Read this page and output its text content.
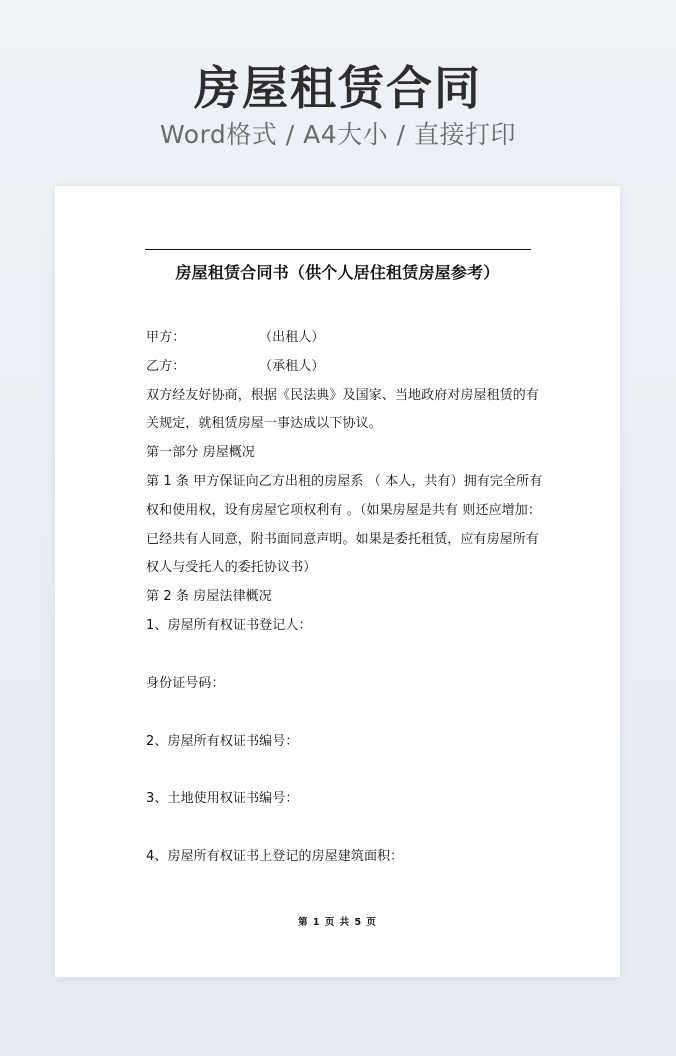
房屋租赁合同
Word格式 / A4大小 / 直接打印
房屋租赁合同书（供个人居住租赁房屋参考）
甲方：	（出租人）
乙方：	（承租人）
双方经友好协商，根据《民法典》及国家、当地政府对房屋租赁的有
关规定，就租赁房屋一事达成以下协议。
第一部分 房屋概况
第 1 条 甲方保证向乙方出租的房屋系 （ 本人，共有）拥有完全所有
权和使用权，设有房屋它项权利有 。（如果房屋是共有 则还应增加：
已经共有人同意，附书面同意声明。如果是委托租赁，应有房屋所有
权人与受托人的委托协议书）
第 2 条 房屋法律概况
1、房屋所有权证书登记人：
身份证号码：
2、房屋所有权证书编号：
3、土地使用权证书编号：
4、房屋所有权证书上登记的房屋建筑面积：
第 1 页 共 5 页
